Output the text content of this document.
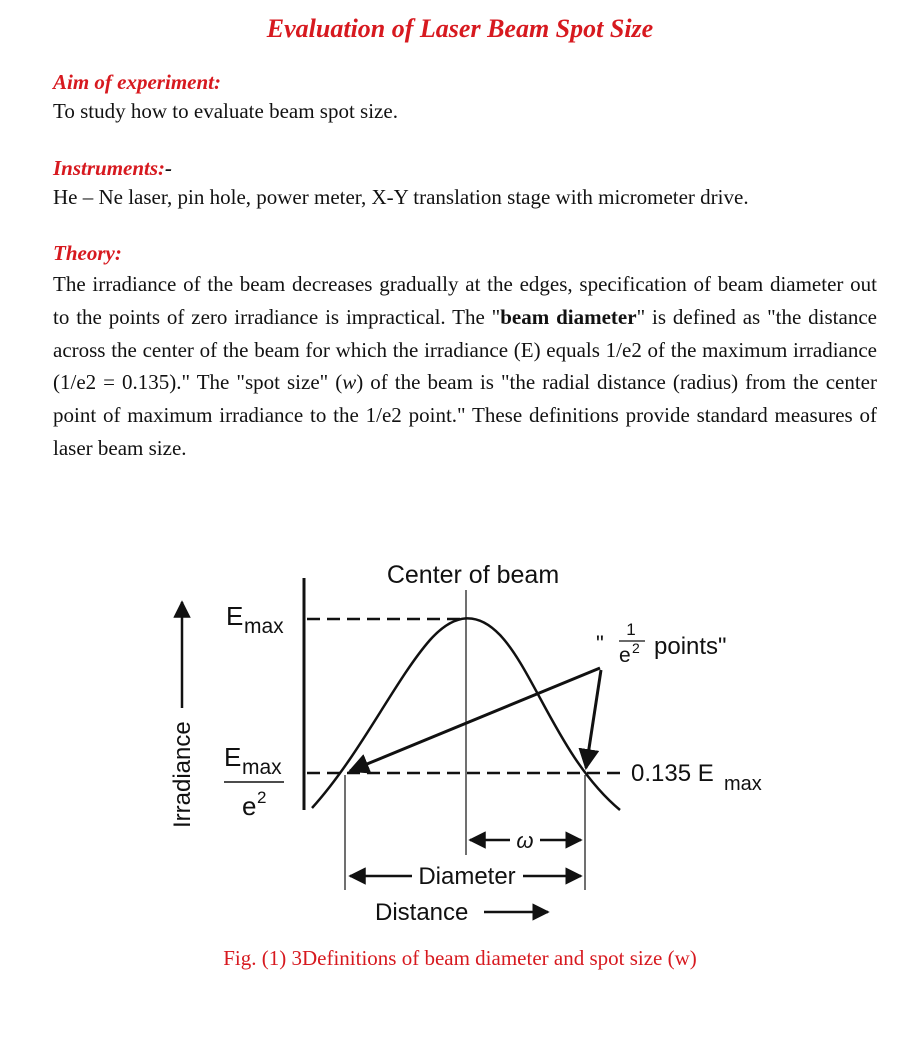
Evaluation of Laser Beam Spot Size
Aim of experiment:
To study how to evaluate beam spot size.
Instruments:-
He – Ne laser, pin hole, power meter, X-Y translation stage with micrometer drive.
Theory:
The irradiance of the beam decreases gradually at the edges, specification of beam diameter out to the points of zero irradiance is impractical. The "beam diameter" is defined as "the distance across the center of the beam for which the irradiance (E) equals 1/e2 of the maximum irradiance (1/e2 = 0.135)." The "spot size" (w) of the beam is "the radial distance (radius) from the center point of maximum irradiance to the 1/e2 point." These definitions provide standard measures of laser beam size.
Center of beam
E max
E max
e 2
"
1
e 2 points"
0.135 E max
ω
Diameter
Distance
Irradiance
Fig. (1) 3Definitions of beam diameter and spot size (w)
